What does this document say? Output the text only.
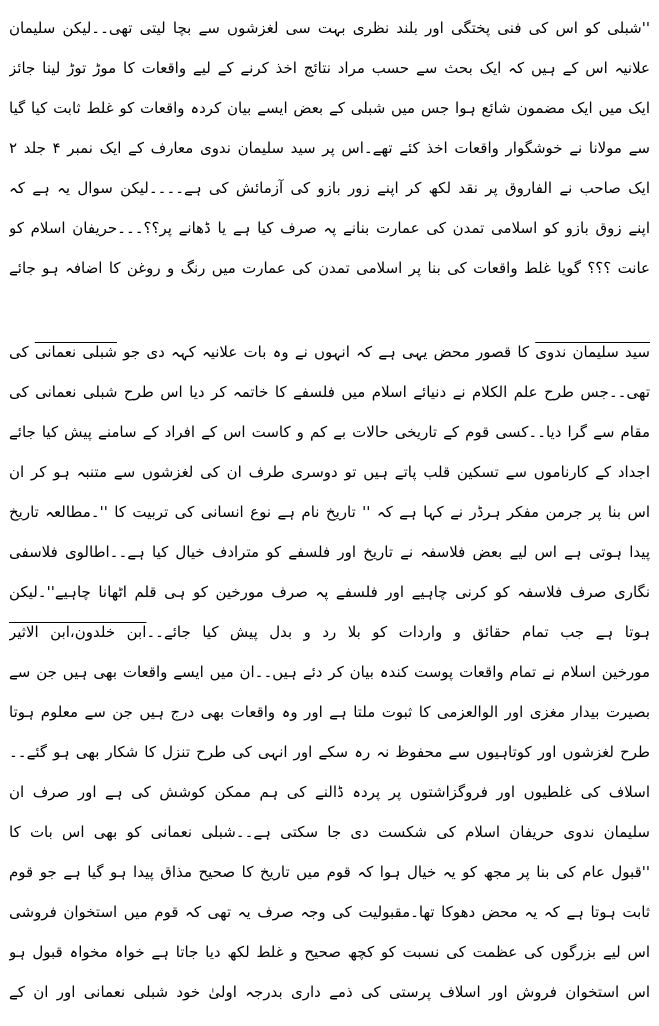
''شبلی کو اس کی فنی پختگی اور بلند نظری بہت سی لغزشوں سے بچا لیتی تھی۔۔لیکن سلیمان
علانیہ اس کے ہیں کہ ایک بحث سے حسب مراد نتائج اخذ کرنے کے لیے واقعات کا موڑ توڑ لینا جائز
ایک میں ایک مضمون شائع ہوا جس میں شبلی کے بعض ایسے بیان کردہ واقعات کو غلط ثابت کیا گیا
سے مولانا نے خوشگوار واقعات اخذ کئے تھے۔اس پر سید سلیمان ندوی معارف کے ایک نمبر ۴ جلد ۲
ایک صاحب نے الفاروق پر نقد لکھ کر اپنے زور بازو کی آزمائش کی ہے۔۔۔۔لیکن سوال یہ ہے کہ
اپنے زوق بازو کو اسلامی تمدن کی عمارت بنانے پہ صرف کیا ہے یا ڈھانے پر؟؟۔۔۔حریفان اسلام کو
عانت ؟؟؟ گویا غلط واقعات کی بنا پر اسلامی تمدن کی عمارت میں رنگ و روغن کا اضافہ ہو جائے
سید سلیمان ندوی کا قصور محض یہی ہے کہ انہوں نے وہ بات علانیہ کہہ دی جو شبلی نعمانی کی
تھی۔۔جس طرح علم الکلام نے دنیائے اسلام میں فلسفے کا خاتمہ کر دیا اس طرح شبلی نعمانی کی
مقام سے گرا دیا۔۔کسی قوم کے تاریخی حالات بے کم و کاست اس کے افراد کے سامنے پیش کیا جائے
اجداد کے کارناموں سے تسکین قلب پاتے ہیں تو دوسری طرف ان کی لغزشوں سے متنبہ ہو کر ان
اس بنا پر جرمن مفکر ہرڈر نے کہا ہے کہ '' تاریخ نام ہے نوع انسانی کی تربیت کا ''۔مطالعہ تاریخ
پیدا ہوتی ہے اس لیے بعض فلاسفہ نے تاریخ اور فلسفے کو مترادف خیال کیا ہے۔۔اطالوی فلاسفی
نگاری صرف فلاسفہ کو کرنی چاہیے اور فلسفے پہ صرف مورخین کو ہی قلم اٹھانا چاہیے''۔لیکن
ہوتا ہے جب تمام حقائق و واردات کو بلا رد و بدل پیش کیا جائے۔۔ابن خلدون،ابن الاثیر
مورخین اسلام نے تمام واقعات پوست کندہ بیان کر دئے ہیں۔۔ان میں ایسے واقعات بھی ہیں جن سے
بصیرت بیدار مغزی اور الوالعزمی کا ثبوت ملتا ہے اور وہ واقعات بھی درج ہیں جن سے معلوم ہوتا
طرح لغزشوں اور کوتاہیوں سے محفوظ نہ رہ سکے اور انہی کی طرح تنزل کا شکار بھی ہو گئے۔۔
اسلاف کی غلطیوں اور فروگزاشتوں پر پردہ ڈالنے کی ہم ممکن کوشش کی ہے اور صرف ان
سلیمان ندوی حریفان اسلام کی شکست دی جا سکتی ہے۔۔شبلی نعمانی کو بھی اس بات کا
''قبول عام کی بنا پر مجھ کو یہ خیال ہوا کہ قوم میں تاریخ کا صحیح مذاق پیدا ہو گیا ہے جو قوم
ثابت ہوتا ہے کہ یہ محض دھوکا تھا۔مقبولیت کی وجہ صرف یہ تھی کہ قوم میں استخوان فروشی
اس لیے بزرگوں کی عظمت کی نسبت کو کچھ صحیح و غلط لکھ دیا جاتا ہے خواہ مخواہ قبول ہو
اس استخوان فروش اور اسلاف پرستی کی ذمے داری بدرجہ اولیٰ خود شبلی نعمانی اور ان کے
